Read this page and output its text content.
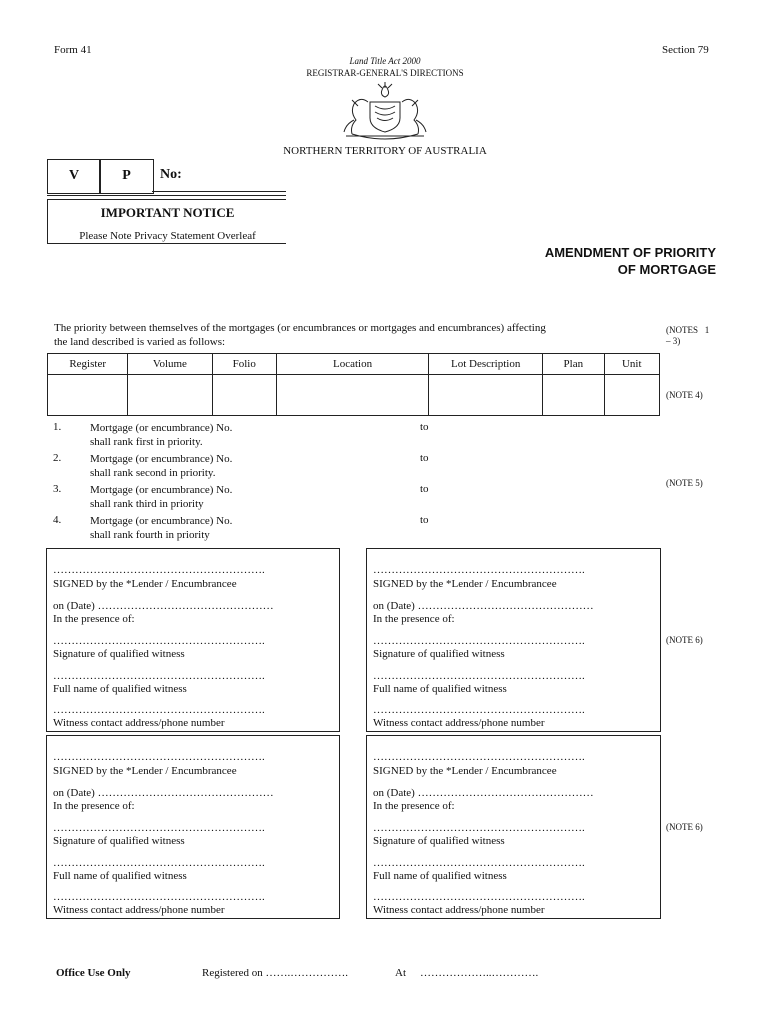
Form 41	Section 79
Land Title Act 2000
REGISTRAR-GENERAL'S DIRECTIONS
NORTHERN TERRITORY OF AUSTRALIA
V	P	No:
IMPORTANT NOTICE
Please Note Privacy Statement Overleaf
AMENDMENT OF PRIORITY
OF MORTGAGE
The priority between themselves of the mortgages (or encumbrances or mortgages and encumbrances) affecting
the land described is varied as follows:
(NOTES   1
– 3)
Register	Volume	Folio	Location	Lot Description	Plan	Unit

(NOTE 4)
1.	Mortgage (or encumbrance) No.
shall rank first in priority.
to
2.	Mortgage (or encumbrance) No.
shall rank second in priority.
to
3.	Mortgage (or encumbrance) No.
shall rank third in priority
to
4.	Mortgage (or encumbrance) No.
shall rank fourth in priority
to
(NOTE 5)

………………………………………………….

SIGNED by the *Lender / Encumbrancee

on (Date) …………………………………………

In the presence of:

………………………………………………….

Signature of qualified witness

………………………………………………….

Full name of qualified witness

………………………………………………….

Witness contact address/phone number

………………………………………………….

SIGNED by the *Lender / Encumbrancee

on (Date) …………………………………………

In the presence of:

………………………………………………….

Signature of qualified witness

………………………………………………….

Full name of qualified witness

………………………………………………….

Witness contact address/phone number

(NOTE 6)

………………………………………………….

SIGNED by the *Lender / Encumbrancee

on (Date) …………………………………………

In the presence of:

………………………………………………….

Signature of qualified witness

………………………………………………….

Full name of qualified witness

………………………………………………….

Witness contact address/phone number

………………………………………………….

SIGNED by the *Lender / Encumbrancee

on (Date) …………………………………………

In the presence of:

………………………………………………….

Signature of qualified witness

………………………………………………….

Full name of qualified witness

………………………………………………….

Witness contact address/phone number

(NOTE 6)
Office Use Only	Registered on …….…………….	At ………………..………….
